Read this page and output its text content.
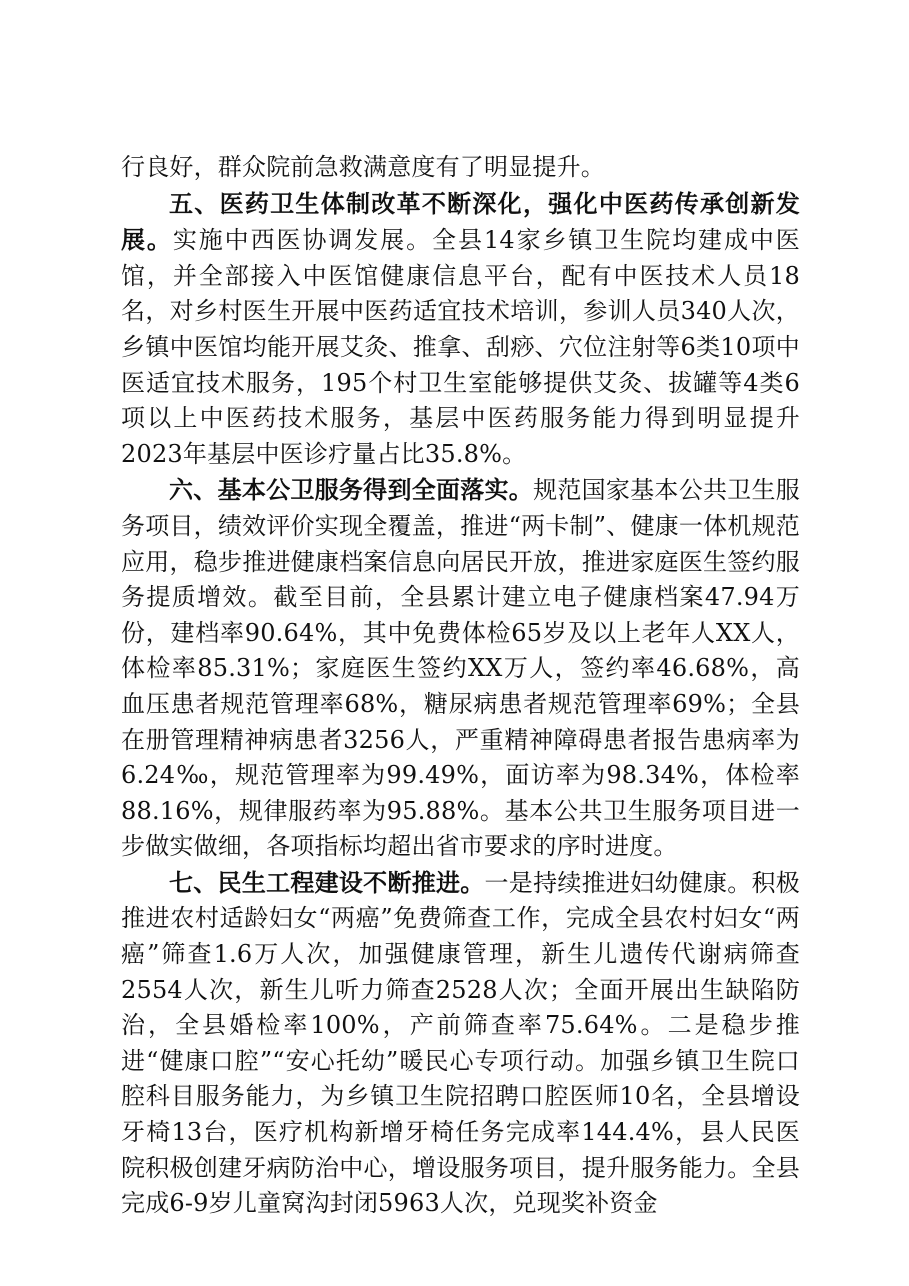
行良好，群众院前急救满意度有了明显提升。

五、医药卫生体制改革不断深化，强化中医药传承创新发展。实施中西医协调发展。全县14家乡镇卫生院均建成中医馆，并全部接入中医馆健康信息平台，配有中医技术人员18名，对乡村医生开展中医药适宜技术培训，参训人员340人次，乡镇中医馆均能开展艾灸、推拿、刮痧、穴位注射等6类10项中医适宜技术服务，195个村卫生室能够提供艾灸、拔罐等4类6项以上中医药技术服务，基层中医药服务能力得到明显提升2023年基层中医诊疗量占比35.8%。

六、基本公卫服务得到全面落实。规范国家基本公共卫生服务项目，绩效评价实现全覆盖，推进“两卡制”、健康一体机规范应用，稳步推进健康档案信息向居民开放，推进家庭医生签约服务提质增效。截至目前，全县累计建立电子健康档案47.94万份，建档率90.64%，其中免费体检65岁及以上老年人XX人，体检率85.31%；家庭医生签约XX万人，签约率46.68%，高血压患者规范管理率68%，糖尿病患者规范管理率69%；全县在册管理精神病患者3256人，严重精神障碍患者报告患病率为6.24‰，规范管理率为99.49%，面访率为98.34%，体检率88.16%，规律服药率为95.88%。基本公共卫生服务项目进一步做实做细，各项指标均超出省市要求的序时进度。

七、民生工程建设不断推进。一是持续推进妇幼健康。积极推进农村适龄妇女“两癌”免费筛查工作，完成全县农村妇女“两癌”筛查1.6万人次，加强健康管理，新生儿遗传代谢病筛查2554人次，新生儿听力筛查2528人次；全面开展出生缺陷防治，全县婚检率100%，产前筛查率75.64%。二是稳步推进“健康口腔”“安心托幼”暖民心专项行动。加强乡镇卫生院口腔科目服务能力，为乡镇卫生院招聘口腔医师10名，全县增设牙椅13台，医疗机构新增牙椅任务完成率144.4%，县人民医院积极创建牙病防治中心，增设服务项目，提升服务能力。全县完成6-9岁儿童窝沟封闭5963人次，兑现奖补资金
